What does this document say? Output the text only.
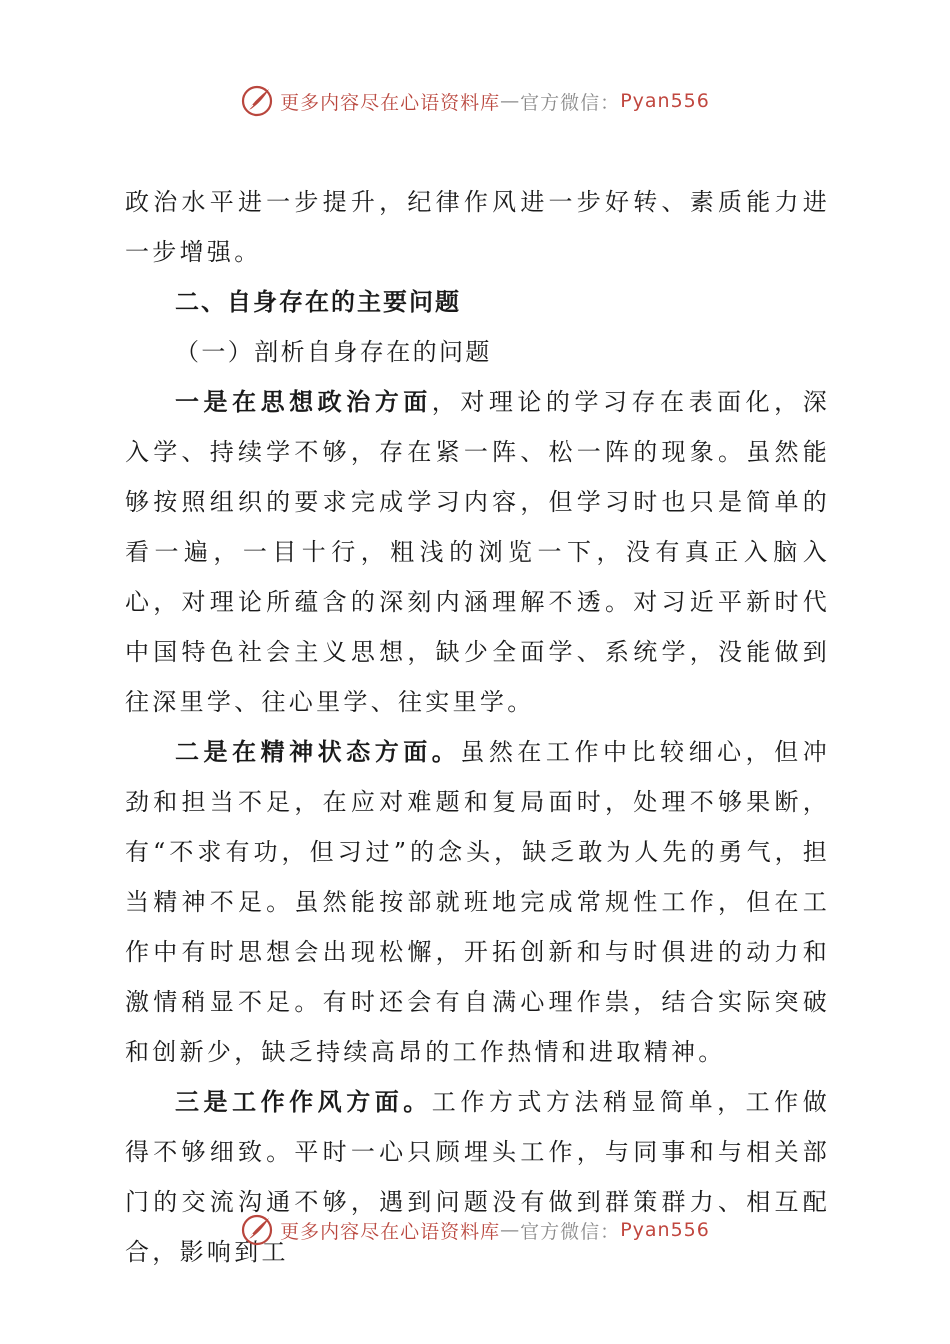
更多内容尽在心语资料库 — 官方微信： Pyan556

政治水平进一步提升，纪律作风进一步好转、素质能力进一步增强。

二、自身存在的主要问题

（一）剖析自身存在的问题

一是在思想政治方面，对理论的学习存在表面化，深入学、持续学不够，存在紧一阵、松一阵的现象。虽然能够按照组织的要求完成学习内容，但学习时也只是简单的看一遍，一目十行，粗浅的浏览一下，没有真正入脑入心，对理论所蕴含的深刻内涵理解不透。对习近平新时代中国特色社会主义思想，缺少全面学、系统学，没能做到往深里学、往心里学、往实里学。

二是在精神状态方面。虽然在工作中比较细心，但冲劲和担当不足，在应对难题和复局面时，处理不够果断，有“不求有功，但习过”的念头，缺乏敢为人先的勇气，担当精神不足。虽然能按部就班地完成常规性工作，但在工作中有时思想会出现松懈，开拓创新和与时俱进的动力和激情稍显不足。有时还会有自满心理作祟，结合实际突破和创新少，缺乏持续高昂的工作热情和进取精神。

三是工作作风方面。工作方式方法稍显简单，工作做得不够细致。平时一心只顾埋头工作，与同事和与相关部门的交流沟通不够，遇到问题没有做到群策群力、相互配合，影响到工

更多内容尽在心语资料库 — 官方微信： Pyan556
